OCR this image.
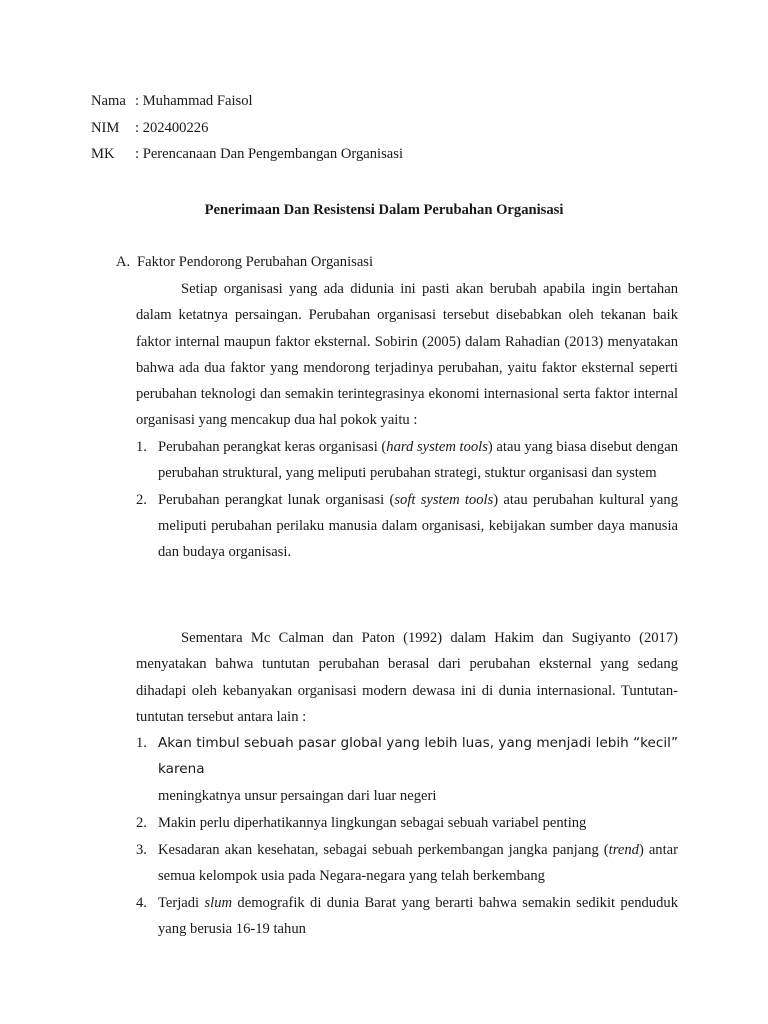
Nama : Muhammad Faisol
NIM	: 202400226
MK	: Perencanaan Dan Pengembangan Organisasi
Penerimaan Dan Resistensi Dalam Perubahan Organisasi
A. Faktor Pendorong Perubahan Organisasi

Setiap organisasi yang ada didunia ini pasti akan berubah apabila ingin bertahan dalam ketatnya persaingan. Perubahan organisasi tersebut disebabkan oleh tekanan baik faktor internal maupun faktor eksternal. Sobirin (2005) dalam Rahadian (2013) menyatakan bahwa ada dua faktor yang mendorong terjadinya perubahan, yaitu faktor eksternal seperti perubahan teknologi dan semakin terintegrasinya ekonomi internasional serta faktor internal organisasi yang mencakup dua hal pokok yaitu :

1. Perubahan perangkat keras organisasi (hard system tools) atau yang biasa disebut dengan perubahan struktural, yang meliputi perubahan strategi, stuktur organisasi dan system
2. Perubahan perangkat lunak organisasi (soft system tools) atau perubahan kultural yang meliputi perubahan perilaku manusia dalam organisasi, kebijakan sumber daya manusia dan budaya organisasi.

Sementara Mc Calman dan Paton (1992) dalam Hakim dan Sugiyanto (2017) menyatakan bahwa tuntutan perubahan berasal dari perubahan eksternal yang sedang dihadapi oleh kebanyakan organisasi modern dewasa ini di dunia internasional. Tuntutan-tuntutan tersebut antara lain :

1. Akan timbul sebuah pasar global yang lebih luas, yang menjadi lebih “kecil” karena
meningkatnya unsur persaingan dari luar negeri
2. Makin perlu diperhatikannya lingkungan sebagai sebuah variabel penting
3. Kesadaran akan kesehatan, sebagai sebuah perkembangan jangka panjang (trend) antar semua kelompok usia pada Negara-negara yang telah berkembang
4. Terjadi slum demografik di dunia Barat yang berarti bahwa semakin sedikit penduduk yang berusia 16-19 tahun
